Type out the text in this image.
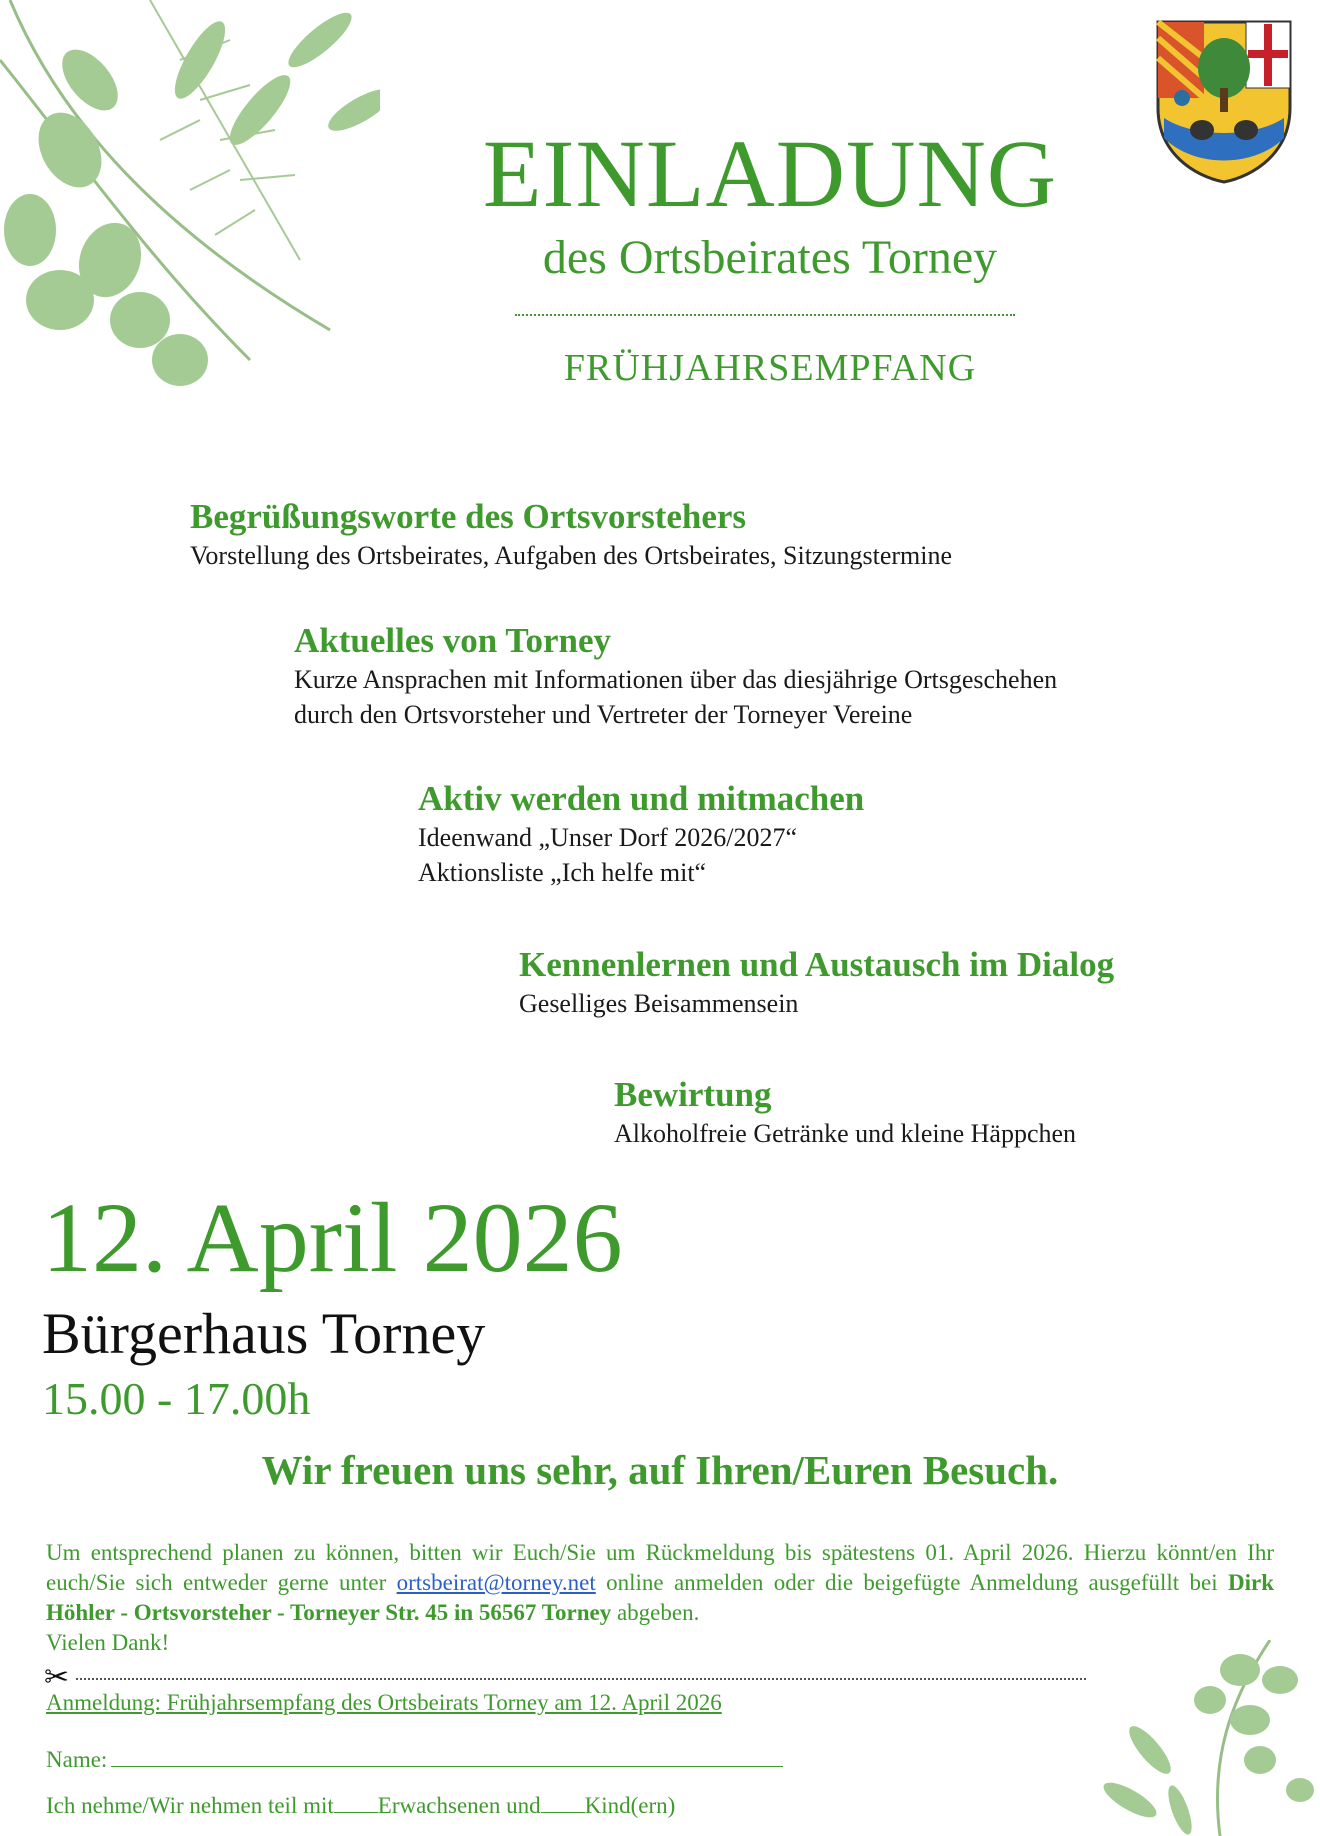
EINLADUNG
des Ortsbeirates Torney
FRÜHJAHRSEMPFANG
Begrüßungsworte des Ortsvorstehers
Vorstellung des Ortsbeirates, Aufgaben des Ortsbeirates, Sitzungstermine
Aktuelles von Torney
Kurze Ansprachen mit Informationen über das diesjährige Ortsgeschehen
durch den Ortsvorsteher und Vertreter der Torneyer Vereine
Aktiv werden und mitmachen
Ideenwand „Unser Dorf 2026/2027“
Aktionsliste „Ich helfe mit“
Kennenlernen und Austausch im Dialog
Geselliges Beisammensein
Bewirtung
Alkoholfreie Getränke und kleine Häppchen
12. April 2026
Bürgerhaus Torney
15.00 - 17.00h
Wir freuen uns sehr, auf Ihren/Euren Besuch.
Um entsprechend planen zu können, bitten wir Euch/Sie um Rückmeldung bis spätestens 01. April 2026. Hierzu könnt/en Ihr euch/Sie sich entweder gerne unter ortsbeirat@torney.net online anmelden oder die beigefügte Anmeldung ausgefüllt bei Dirk Höhler - Ortsvorsteher - Torneyer Str. 45 in 56567 Torney abgeben.
Vielen Dank!
✂
Anmeldung: Frühjahrsempfang des Ortsbeirats Torney am 12. April 2026
Name:
Ich nehme/Wir nehmen teil mit Erwachsenen und Kind(ern)
